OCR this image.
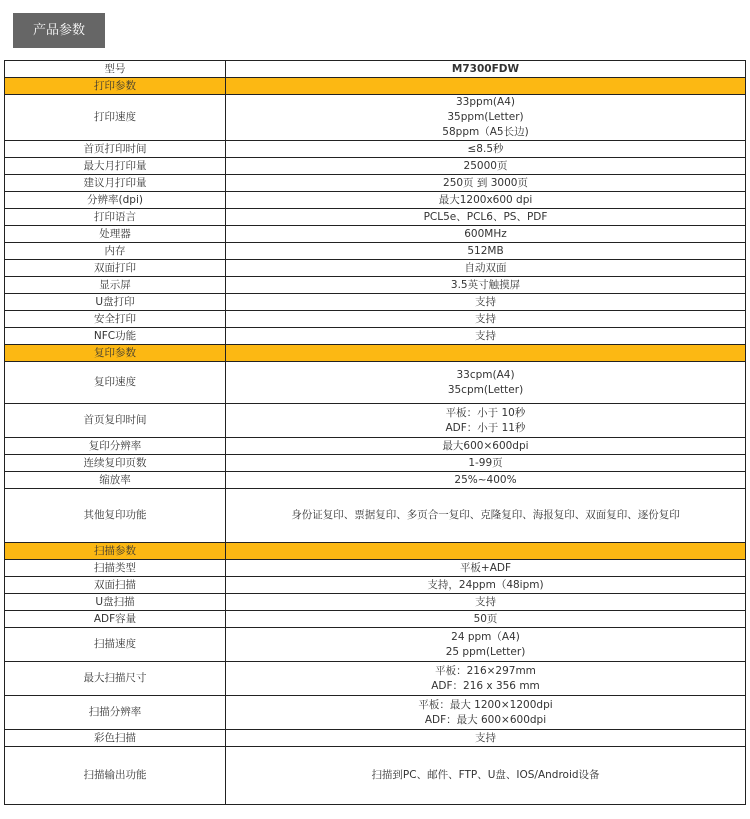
产品参数
型号	M7300FDW
打印参数	
打印速度	33ppm(A4)
35ppm(Letter)
58ppm（A5长边)

首页打印时间	≤8.5秒

最大月打印量	25000页

建议月打印量	250页 到 3000页

分辨率(dpi)	最大1200x600 dpi

打印语言	PCL5e、PCL6、PS、PDF

处理器	600MHz

内存	512MB

双面打印	自动双面

显示屏	3.5英寸触摸屏

U盘打印	支持

安全打印	支持

NFC功能	支持

复印参数	
复印速度	33cpm(A4)
35cpm(Letter)

首页复印时间	平板：小于 10秒
ADF：小于 11秒

复印分辨率	最大600×600dpi

连续复印页数	1-99页

缩放率	25%~400%

其他复印功能	身份证复印、票据复印、多页合一复印、克隆复印、海报复印、双面复印、逐份复印

扫描参数	
扫描类型	平板+ADF

双面扫描	支持，24ppm（48ipm)

U盘扫描	支持

ADF容量	50页

扫描速度	24 ppm（A4)
25 ppm(Letter)

最大扫描尺寸	平板：216×297mm
ADF：216 x 356 mm

扫描分辨率	平板：最大 1200×1200dpi
ADF：最大 600×600dpi

彩色扫描	支持

扫描输出功能	扫描到PC、邮件、FTP、U盘、IOS/Android设备
